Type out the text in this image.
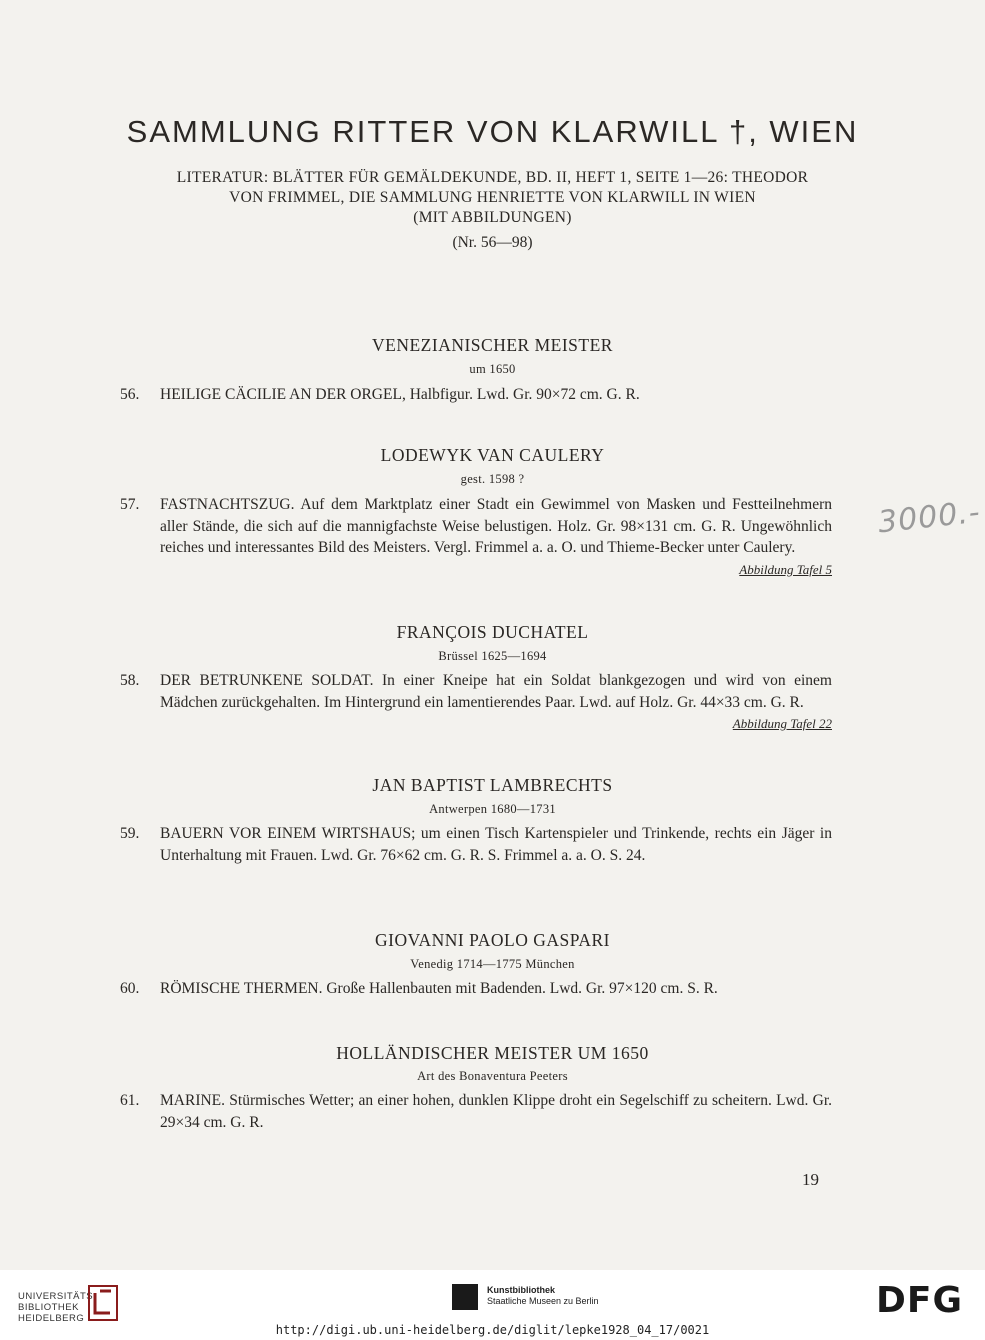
SAMMLUNG RITTER VON KLARWILL †, WIEN
LITERATUR: BLÄTTER FÜR GEMÄLDEKUNDE, BD. II, HEFT 1, SEITE 1—26: THEODOR
VON FRIMMEL, DIE SAMMLUNG HENRIETTE VON KLARWILL IN WIEN
(MIT ABBILDUNGEN)
(Nr. 56—98)
VENEZIANISCHER MEISTER
um 1650
56.	HEILIGE CÄCILIE AN DER ORGEL, Halbfigur. Lwd. Gr. 90×72 cm. G. R.
LODEWYK VAN CAULERY
gest. 1598 ?
57.	FASTNACHTSZUG. Auf dem Marktplatz einer Stadt ein Gewimmel von Masken und Festteilnehmern aller Stände, die sich auf die mannigfachste Weise belustigen. Holz. Gr. 98×131 cm. G. R. Ungewöhnlich reiches und interessantes Bild des Meisters. Vergl. Frimmel a. a. O. und Thieme-Becker unter Caulery.
Abbildung Tafel 5
FRANÇOIS DUCHATEL
Brüssel 1625—1694
58.	DER BETRUNKENE SOLDAT. In einer Kneipe hat ein Soldat blankgezogen und wird von einem Mädchen zurückgehalten. Im Hintergrund ein lamentierendes Paar. Lwd. auf Holz. Gr. 44×33 cm. G. R.
Abbildung Tafel 22
JAN BAPTIST LAMBRECHTS
Antwerpen 1680—1731
59.	BAUERN VOR EINEM WIRTSHAUS; um einen Tisch Kartenspieler und Trinkende, rechts ein Jäger in Unterhaltung mit Frauen. Lwd. Gr. 76×62 cm. G. R. S. Frimmel a. a. O. S. 24.
GIOVANNI PAOLO GASPARI
Venedig 1714—1775 München
60.	RÖMISCHE THERMEN. Große Hallenbauten mit Badenden. Lwd. Gr. 97×120 cm. S. R.
HOLLÄNDISCHER MEISTER UM 1650
Art des Bonaventura Peeters
61.	MARINE. Stürmisches Wetter; an einer hohen, dunklen Klippe droht ein Segelschiff zu scheitern. Lwd. Gr. 29×34 cm. G. R.
3000.-
19
UNIVERSITÄTS-
BIBLIOTHEK
HEIDELBERG
Kunstbibliothek
Staatliche Museen zu Berlin	DFG
http://digi.ub.uni-heidelberg.de/diglit/lepke1928_04_17/0021
